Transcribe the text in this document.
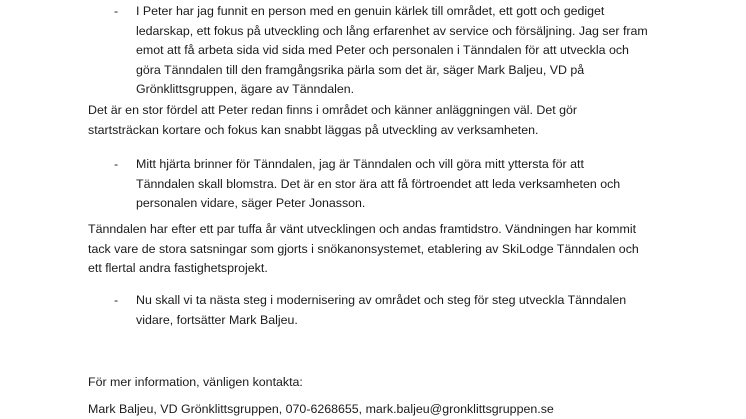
- I Peter har jag funnit en person med en genuin kärlek till området, ett gott och gediget
ledarskap, ett fokus på utveckling och lång erfarenhet av service och försäljning. Jag ser fram
emot att få arbeta sida vid sida med Peter och personalen i Tänndalen för att utveckla och
göra Tänndalen till den framgångsrika pärla som det är, säger Mark Baljeu, VD på
Grönklittsgruppen, ägare av Tänndalen.
Det är en stor fördel att Peter redan finns i området och känner anläggningen väl. Det gör
startsträckan kortare och fokus kan snabbt läggas på utveckling av verksamheten.
- Mitt hjärta brinner för Tänndalen, jag är Tänndalen och vill göra mitt yttersta för att
Tänndalen skall blomstra. Det är en stor ära att få förtroendet att leda verksamheten och
personalen vidare, säger Peter Jonasson.
Tänndalen har efter ett par tuffa år vänt utvecklingen och andas framtidstro. Vändningen har kommit
tack vare de stora satsningar som gjorts i snökanonsystemet, etablering av SkiLodge Tänndalen och
ett flertal andra fastighetsprojekt.
- Nu skall vi ta nästa steg i modernisering av området och steg för steg utveckla Tänndalen
vidare, fortsätter Mark Baljeu.
För mer information, vänligen kontakta:
Mark Baljeu, VD Grönklittsgruppen, 070-6268655, mark.baljeu@gronklittsgruppen.se
